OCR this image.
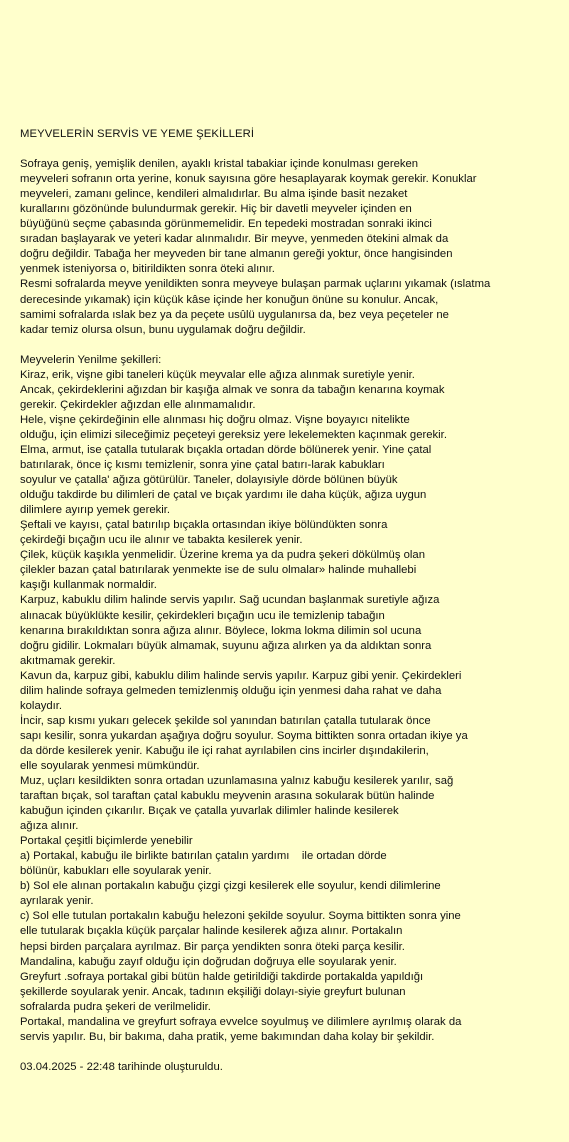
MEYVELERİN SERVİS VE YEME ŞEKİLLERİ
Sofraya geniş, yemişlik denilen, ayaklı kristal tabakiar içinde konulması gereken
meyveleri sofranın orta yerine, konuk sayısına göre hesaplayarak koymak gerekir. Konuklar
meyveleri, zamanı gelince, kendileri almalıdırlar. Bu alma işinde basit nezaket
kurallarını gözönünde bulundurmak gerekir. Hiç bir davetli meyveler içinden en
büyüğünü seçme çabasında görünmemelidir. En tepedeki mostradan sonraki ikinci
sıradan başlayarak ve yeteri kadar alınmalıdır. Bir meyve, yenmeden ötekini almak da
doğru değildir. Tabağa her meyveden bir tane almanın gereği yoktur, önce hangisinden
yenmek isteniyorsa o, bitirildikten sonra öteki alınır.
Resmi sofralarda meyve yenildikten sonra meyveye bulaşan parmak uçlarını yıkamak (ıslatma
derecesinde yıkamak) için küçük kâse içinde her konuğun önüne su konulur. Ancak,
samimi sofralarda ıslak bez ya da peçete usûlü uygulanırsa da, bez veya peçeteler ne
kadar temiz olursa olsun, bunu uygulamak doğru değildir.
Meyvelerin Yenilme şekilleri:
Kiraz, erik, vişne gibi taneleri küçük meyvalar elle ağıza alınmak suretiyle yenir.
Ancak, çekirdeklerini ağızdan bir kaşığa almak ve sonra da tabağın kenarına koymak
gerekir. Çekirdekler ağızdan elle alınmamalıdır.
Hele, vişne çekirdeğinin elle alınması hiç doğru olmaz. Vişne boyayıcı nitelikte
olduğu, için elimizi sileceğimiz peçeteyi gereksiz yere lekelemekten kaçınmak gerekir.
Elma, armut, ise çatalla tutularak bıçakla ortadan dörde bölünerek yenir. Yine çatal
batırılarak, önce iç kısmı temizlenir, sonra yine çatal batırı-larak kabukları
soyulur ve çatalla' ağıza götürülür. Taneler, dolayısiyle dörde bölünen büyük
olduğu takdirde bu dilimleri de çatal ve bıçak yardımı ile daha küçük, ağıza uygun
dilimlere ayırıp yemek gerekir.
Şeftali ve kayısı, çatal batırılıp bıçakla ortasından ikiye bölündükten sonra
çekirdeği bıçağın ucu ile alınır ve tabakta kesilerek yenir.
Çilek, küçük kaşıkla yenmelidir. Üzerine krema ya da pudra şekeri dökülmüş olan
çilekler bazan çatal batırılarak yenmekte ise de sulu olmalar» halinde muhallebi
kaşığı kullanmak normaldir.
Karpuz, kabuklu dilim halinde servis yapılır. Sağ ucundan başlanmak suretiyle ağıza
alınacak büyüklükte kesilir, çekirdekleri bıçağın ucu ile temizlenip tabağın
kenarına bırakıldıktan sonra ağıza alınır. Böylece, lokma lokma dilimin sol ucuna
doğru gidilir. Lokmaları büyük almamak, suyunu ağıza alırken ya da aldıktan sonra
akıtmamak gerekir.
Kavun da, karpuz gibi, kabuklu dilim halinde servis yapılır. Karpuz gibi yenir. Çekirdekleri
dilim halinde sofraya gelmeden temizlenmiş olduğu için yenmesi daha rahat ve daha
kolaydır.
İncir, sap kısmı yukarı gelecek şekilde sol yanından batırılan çatalla tutularak önce
sapı kesilir, sonra yukardan aşağıya doğru soyulur. Soyma bittikten sonra ortadan ikiye ya
da dörde kesilerek yenir. Kabuğu ile içi rahat ayrılabilen cins incirler dışındakilerin,
elle soyularak yenmesi mümkündür.
Muz, uçları kesildikten sonra ortadan uzunlamasına yalnız kabuğu kesilerek yarılır, sağ
taraftan bıçak, sol taraftan çatal kabuklu meyvenin arasına sokularak bütün halinde
kabuğun içinden çıkarılır. Bıçak ve çatalla yuvarlak dilimler halinde kesilerek
ağıza alınır.
Portakal çeşitli biçimlerde yenebilir
a) Portakal, kabuğu ile birlikte batırılan çatalın yardımı    ile ortadan dörde
bölünür, kabukları elle soyularak yenir.
b) Sol ele alınan portakalın kabuğu çizgi çizgi kesilerek elle soyulur, kendi dilimlerine
ayrılarak yenir.
c) Sol elle tutulan portakalın kabuğu helezoni şekilde soyulur. Soyma bittikten sonra yine
elle tutularak bıçakla küçük parçalar halinde kesilerek ağıza alınır. Portakalın
hepsi birden parçalara ayrılmaz. Bir parça yendikten sonra öteki parça kesilir.
Mandalina, kabuğu zayıf olduğu için doğrudan doğruya elle soyularak yenir.
Greyfurt .sofraya portakal gibi bütün halde getirildiği takdirde portakalda yapıldığı
şekillerde soyularak yenir. Ancak, tadının ekşiliği dolayı-siyie greyfurt bulunan
sofralarda pudra şekeri de verilmelidir.
Portakal, mandalina ve greyfurt sofraya evvelce soyulmuş ve dilimlere ayrılmış olarak da
servis yapılır. Bu, bir bakıma, daha pratik, yeme bakımından daha kolay bir şekildir.
03.04.2025 - 22:48 tarihinde oluşturuldu.
